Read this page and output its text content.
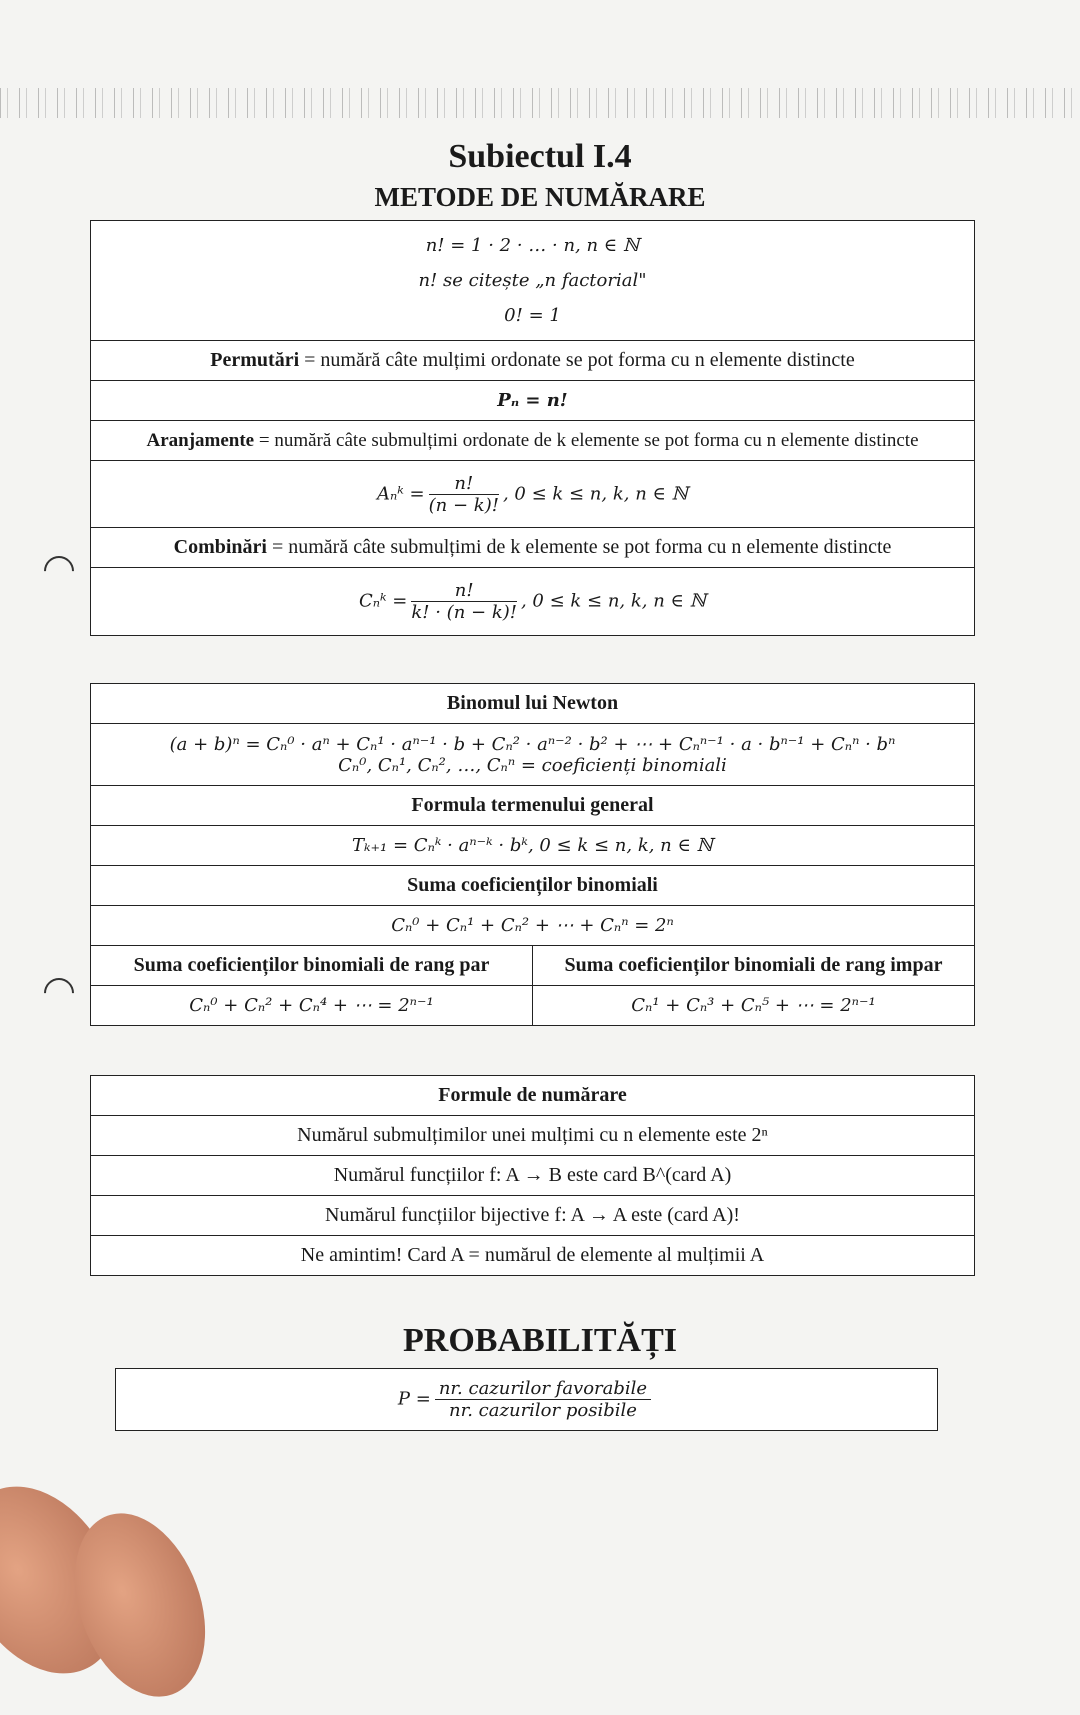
Subiectul I.4
METODE DE NUMĂRARE
n! = 1 · 2 · … · n, n ∈ ℕ
n! se citește „n factorial"
0! = 1

Permutări = numără câte mulțimi ordonate se pot forma cu n elemente distincte
Pₙ = n!
Aranjamente = numără câte submulțimi ordonate de k elemente se pot forma cu n elemente distincte
Aₙᵏ = $\frac{n!}{(n - k)!}$ , 0 ≤ k ≤ n, k, n ∈ ℕ
Combinări = numără câte submulțimi de k elemente se pot forma cu n elemente distincte
Cₙᵏ = $\frac{n!}{k! \cdot (n - k)!}$ , 0 ≤ k ≤ n, k, n ∈ ℕ
Binomul lui Newton	

(a + b)ⁿ = Cₙ⁰ · aⁿ + Cₙ¹ · aⁿ⁻¹ · b + Cₙ² · aⁿ⁻² · b² + ⋯ + Cₙⁿ⁻¹ · a · bⁿ⁻¹ + Cₙⁿ · bⁿ
Cₙ⁰, Cₙ¹, Cₙ², …, Cₙⁿ = coeficienți binomiali	

Formula termenului general	
Tₖ₊₁ = Cₙᵏ · aⁿ⁻ᵏ · bᵏ, 0 ≤ k ≤ n, k, n ∈ ℕ	
Suma coeficienților binomiali	
Cₙ⁰ + Cₙ¹ + Cₙ² + ⋯ + Cₙⁿ = 2ⁿ	
Suma coeficienților binomiali de rang par	Suma coeficienților binomiali de rang impar
Cₙ⁰ + Cₙ² + Cₙ⁴ + ⋯ = 2ⁿ⁻¹	Cₙ¹ + Cₙ³ + Cₙ⁵ + ⋯ = 2ⁿ⁻¹
Formule de numărare
Numărul submulțimilor unei mulțimi cu n elemente este 2ⁿ
Numărul funcțiilor f: A → B este card B^(card A)
Numărul funcțiilor bijective f: A → A este (card A)!
Ne amintim! Card A = numărul de elemente al mulțimii A
PROBABILITĂȚI
$P = \frac{\text{nr. cazurilor favorabile}}{\text{nr. cazurilor posibile}}$
